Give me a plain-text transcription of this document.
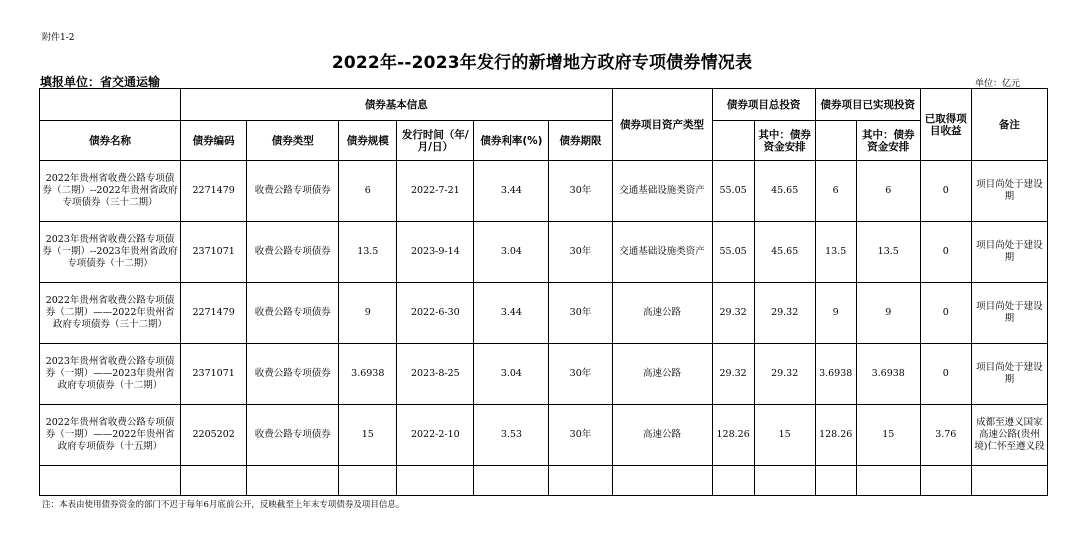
附件1-2
2022年--2023年发行的新增地方政府专项债券情况表
填报单位：省交通运输	单位：亿元
	债券基本信息						债券项目资产类型	债券项目总投资		债券项目已实现投资		已取得项目收益	备注
债券名称	债券编码	债券类型	债券规模	发行时间（年/月/日）	债券利率(%)	债券期限			其中：债券资金安排		其中：债券资金安排		
2022年贵州省收费公路专项债券（二期）--2022年贵州省政府专项债券（三十二期）	2271479	收费公路专项债券	6	2022-7-21	3.44	30年	交通基础设施类资产	55.05	45.65	6	6	0	项目尚处于建设期
2023年贵州省收费公路专项债券（一期）--2023年贵州省政府专项债券（十二期）	2371071	收费公路专项债券	13.5	2023-9-14	3.04	30年	交通基础设施类资产	55.05	45.65	13.5	13.5	0	项目尚处于建设期
2022年贵州省收费公路专项债券（二期）——2022年贵州省政府专项债券（三十二期）	2271479	收费公路专项债券	9	2022-6-30	3.44	30年	高速公路	29.32	29.32	9	9	0	项目尚处于建设期
2023年贵州省收费公路专项债券（一期）——2023年贵州省政府专项债券（十二期）	2371071	收费公路专项债券	3.6938	2023-8-25	3.04	30年	高速公路	29.32	29.32	3.6938	3.6938	0	项目尚处于建设期
2022年贵州省收费公路专项债券（一期）——2022年贵州省政府专项债券（十五期）	2205202	收费公路专项债券	15	2022-2-10	3.53	30年	高速公路	128.26	15	128.26	15	3.76	成都至遵义国家高速公路(贵州境)仁怀至遵义段

注：本表由使用债券资金的部门不迟于每年6月底前公开，反映截至上年末专项债券及项目信息。
